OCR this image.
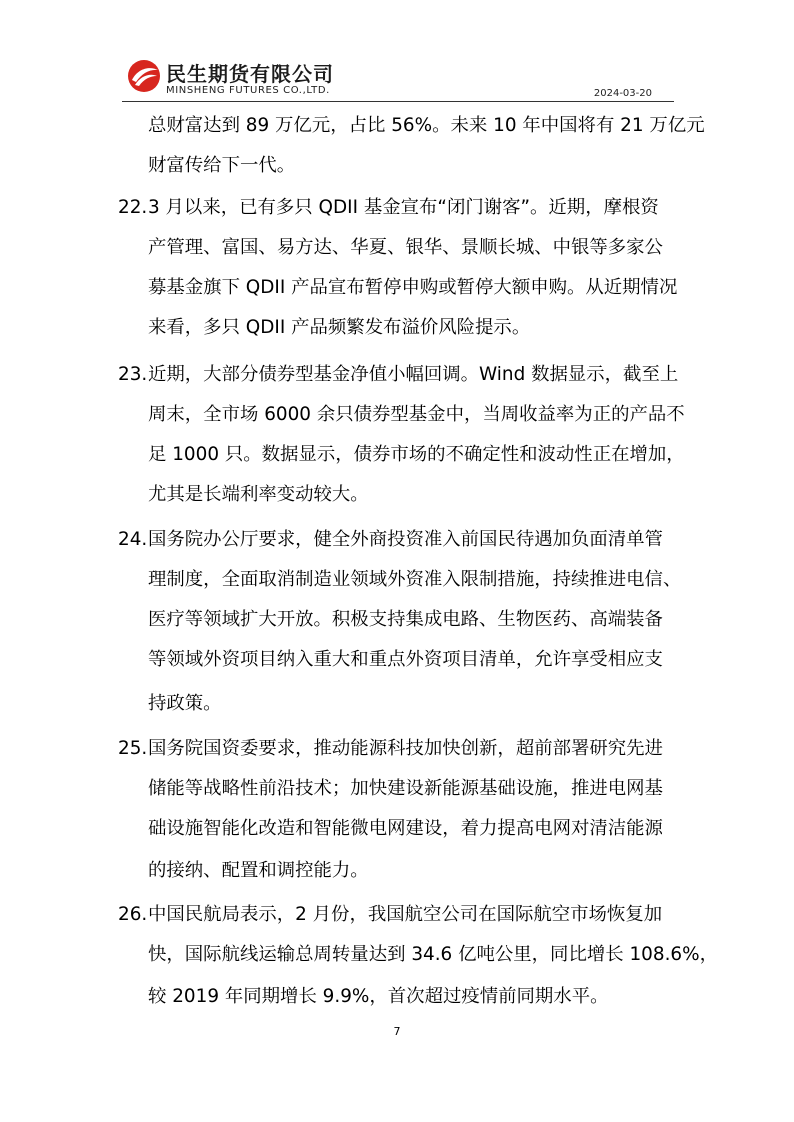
民生期货有限公司
MINSHENG FUTURES CO.,LTD.	2024-03-20
总财富达到 89 万亿元，占比 56%。未来 10 年中国将有 21 万亿元
财富传给下一代。
22. 3 月以来，已有多只 QDII 基金宣布“闭门谢客”。近期，摩根资
产管理、富国、易方达、华夏、银华、景顺长城、中银等多家公
募基金旗下 QDII 产品宣布暂停申购或暂停大额申购。从近期情况
来看，多只 QDII 产品频繁发布溢价风险提示。
23. 近期，大部分债券型基金净值小幅回调。Wind 数据显示，截至上
周末，全市场 6000 余只债券型基金中，当周收益率为正的产品不
足 1000 只。数据显示，债券市场的不确定性和波动性正在增加，
尤其是长端利率变动较大。
24. 国务院办公厅要求，健全外商投资准入前国民待遇加负面清单管
理制度，全面取消制造业领域外资准入限制措施，持续推进电信、
医疗等领域扩大开放。积极支持集成电路、生物医药、高端装备
等领域外资项目纳入重大和重点外资项目清单，允许享受相应支
持政策。
25. 国务院国资委要求，推动能源科技加快创新，超前部署研究先进
储能等战略性前沿技术；加快建设新能源基础设施，推进电网基
础设施智能化改造和智能微电网建设，着力提高电网对清洁能源
的接纳、配置和调控能力。
26. 中国民航局表示，2 月份，我国航空公司在国际航空市场恢复加
快，国际航线运输总周转量达到 34.6 亿吨公里，同比增长 108.6%，
较 2019 年同期增长 9.9%，首次超过疫情前同期水平。
7
